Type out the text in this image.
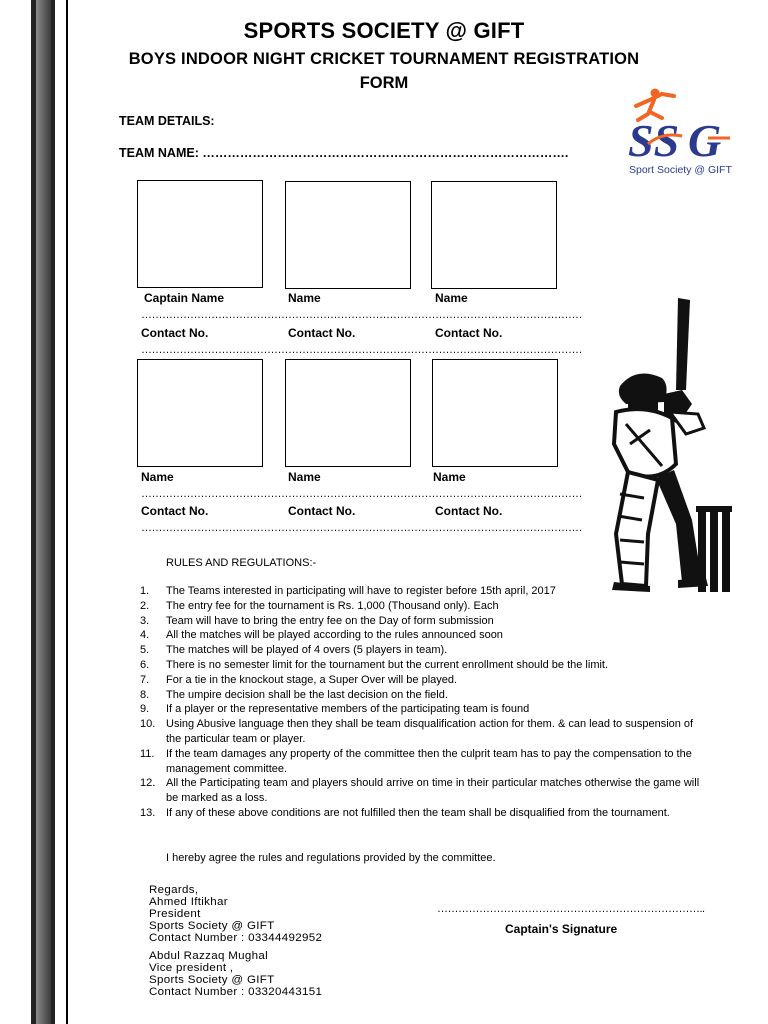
SPORTS SOCIETY @ GIFT
BOYS INDOOR NIGHT CRICKET TOURNAMENT REGISTRATION
FORM
SS G
Sport Society @ GIFT
TEAM DETAILS:
TEAM NAME: …………………………………………………………………………….
Captain Name	Name	Name
…………………………………… …………………………………… ……………………………………
Contact No.	Contact No.	Contact No.
…………………………………… …………………………………… ……………………………………
Name	Name	Name
…………………………………… …………………………………… ……………………………………
Contact No.	Contact No.	Contact No.
…………………………………… …………………………………… ……………………………………
RULES AND REGULATIONS:-
1. The Teams interested in participating will have to register before 15th april, 2017
2. The entry fee for the tournament is Rs. 1,000 (Thousand only). Each
3. Team will have to bring the entry fee on the Day of form submission
4. All the matches will be played according to the rules announced soon
5. The matches will be played of 4 overs (5 players in team).
6. There is no semester limit for the tournament but the current enrollment should be the limit.
7. For a tie in the knockout stage, a Super Over will be played.
8. The umpire decision shall be the last decision on the field.
9. If a player or the representative members of the participating team is found
10. Using Abusive language then they shall be team disqualification action for them. & can lead to suspension of the particular team or player.
11. If the team damages any property of the committee then the culprit team has to pay the compensation to the management committee.
12. All the Participating team and players should arrive on time in their particular matches otherwise the game will be marked as a loss.
13. If any of these above conditions are not fulfilled then the team shall be disqualified from the tournament.
I hereby agree the rules and regulations provided by the committee.
…………………………………………………………………..
Captain's Signature
Regards,
Ahmed Iftikhar
President
Sports Society @ GIFT
Contact Number : 03344492952
Abdul Razzaq Mughal
Vice president ,
Sports Society @ GIFT
Contact Number : 03320443151
